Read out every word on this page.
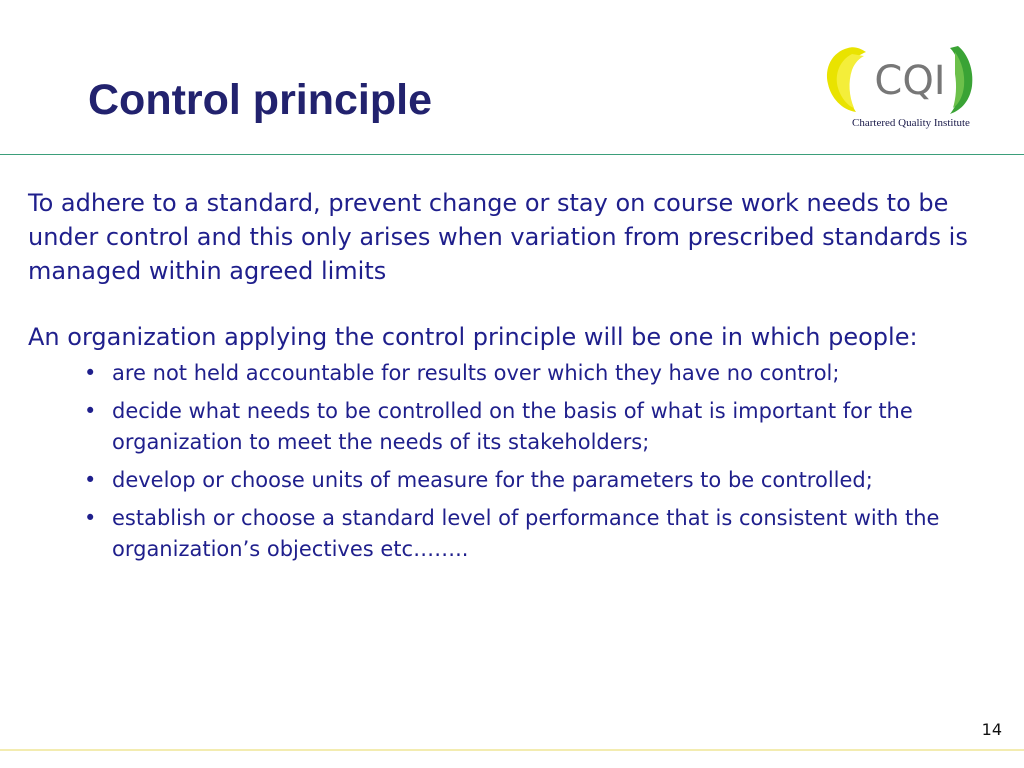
Control principle	CQI
Chartered Quality Institute

To adhere to a standard, prevent change or stay on course work needs to be under control and this only arises when variation from prescribed standards is managed within agreed limits

An organization applying the control principle will be one in which people:

• are not held accountable for results over which they have no control;
• decide what needs to be controlled on the basis of what is important for the organization to meet the needs of its stakeholders;
• develop or choose units of measure for the parameters to be controlled;
• establish or choose a standard level of performance that is consistent with the organization’s objectives etc……..
14
